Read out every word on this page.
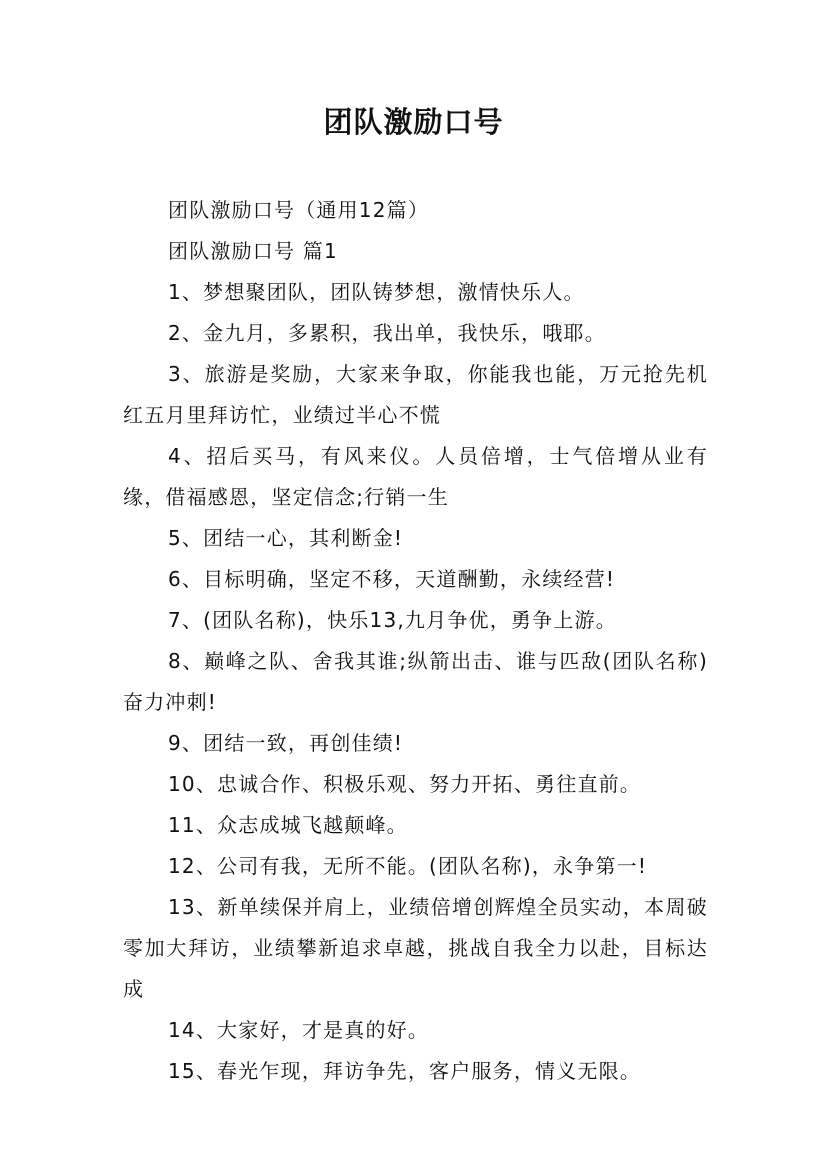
团队激励口号

团队激励口号（通用12篇）

团队激励口号 篇1

1、梦想聚团队，团队铸梦想，激情快乐人。

2、金九月，多累积，我出单，我快乐，哦耶。

3、旅游是奖励，大家来争取，你能我也能，万元抢先机红五月里拜访忙，业绩过半心不慌

4、招后买马，有风来仪。人员倍增，士气倍增从业有缘，借福感恩，坚定信念;行销一生

5、团结一心，其利断金!

6、目标明确，坚定不移，天道酬勤，永续经营!

7、(团队名称)，快乐13,九月争优，勇争上游。

8、巅峰之队、舍我其谁;纵箭出击、谁与匹敌(团队名称)奋力冲刺!

9、团结一致，再创佳绩!

10、忠诚合作、积极乐观、努力开拓、勇往直前。

11、众志成城飞越颠峰。

12、公司有我，无所不能。(团队名称)，永争第一!

13、新单续保并肩上，业绩倍增创辉煌全员实动，本周破零加大拜访，业绩攀新追求卓越，挑战自我全力以赴，目标达成

14、大家好，才是真的好。

15、春光乍现，拜访争先，客户服务，情义无限。
